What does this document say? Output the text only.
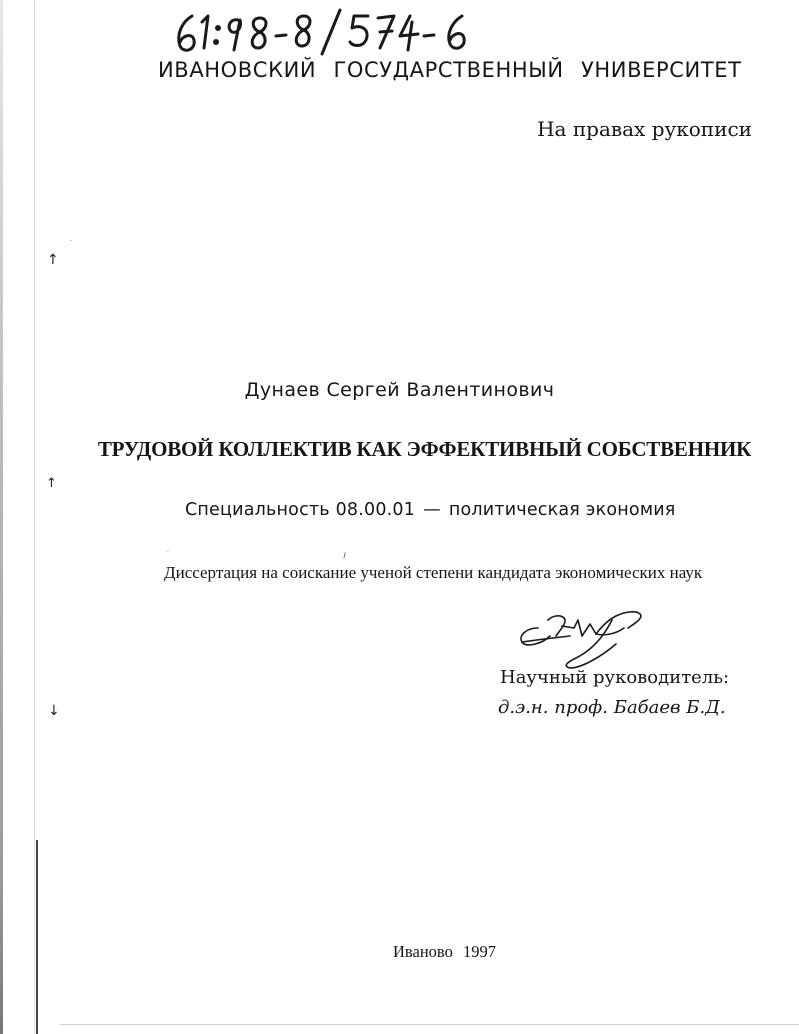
↑
↑
↓
·
·	⸝
ИВАНОВСКИЙ ГОСУДАРСТВЕННЫЙ УНИВЕРСИТЕТ
На правах рукописи
Дунаев Сергей Валентинович
ТРУДОВОЙ КОЛЛЕКТИВ КАК ЭФФЕКТИВНЫЙ СОБСТВЕННИК
Специальность 08.00.01 — политическая экономия
Диссертация на соискание ученой степени кандидата экономических наук
Научный руководитель:
д.э.н. проф. Бабаев Б.Д.
Иваново 1997
